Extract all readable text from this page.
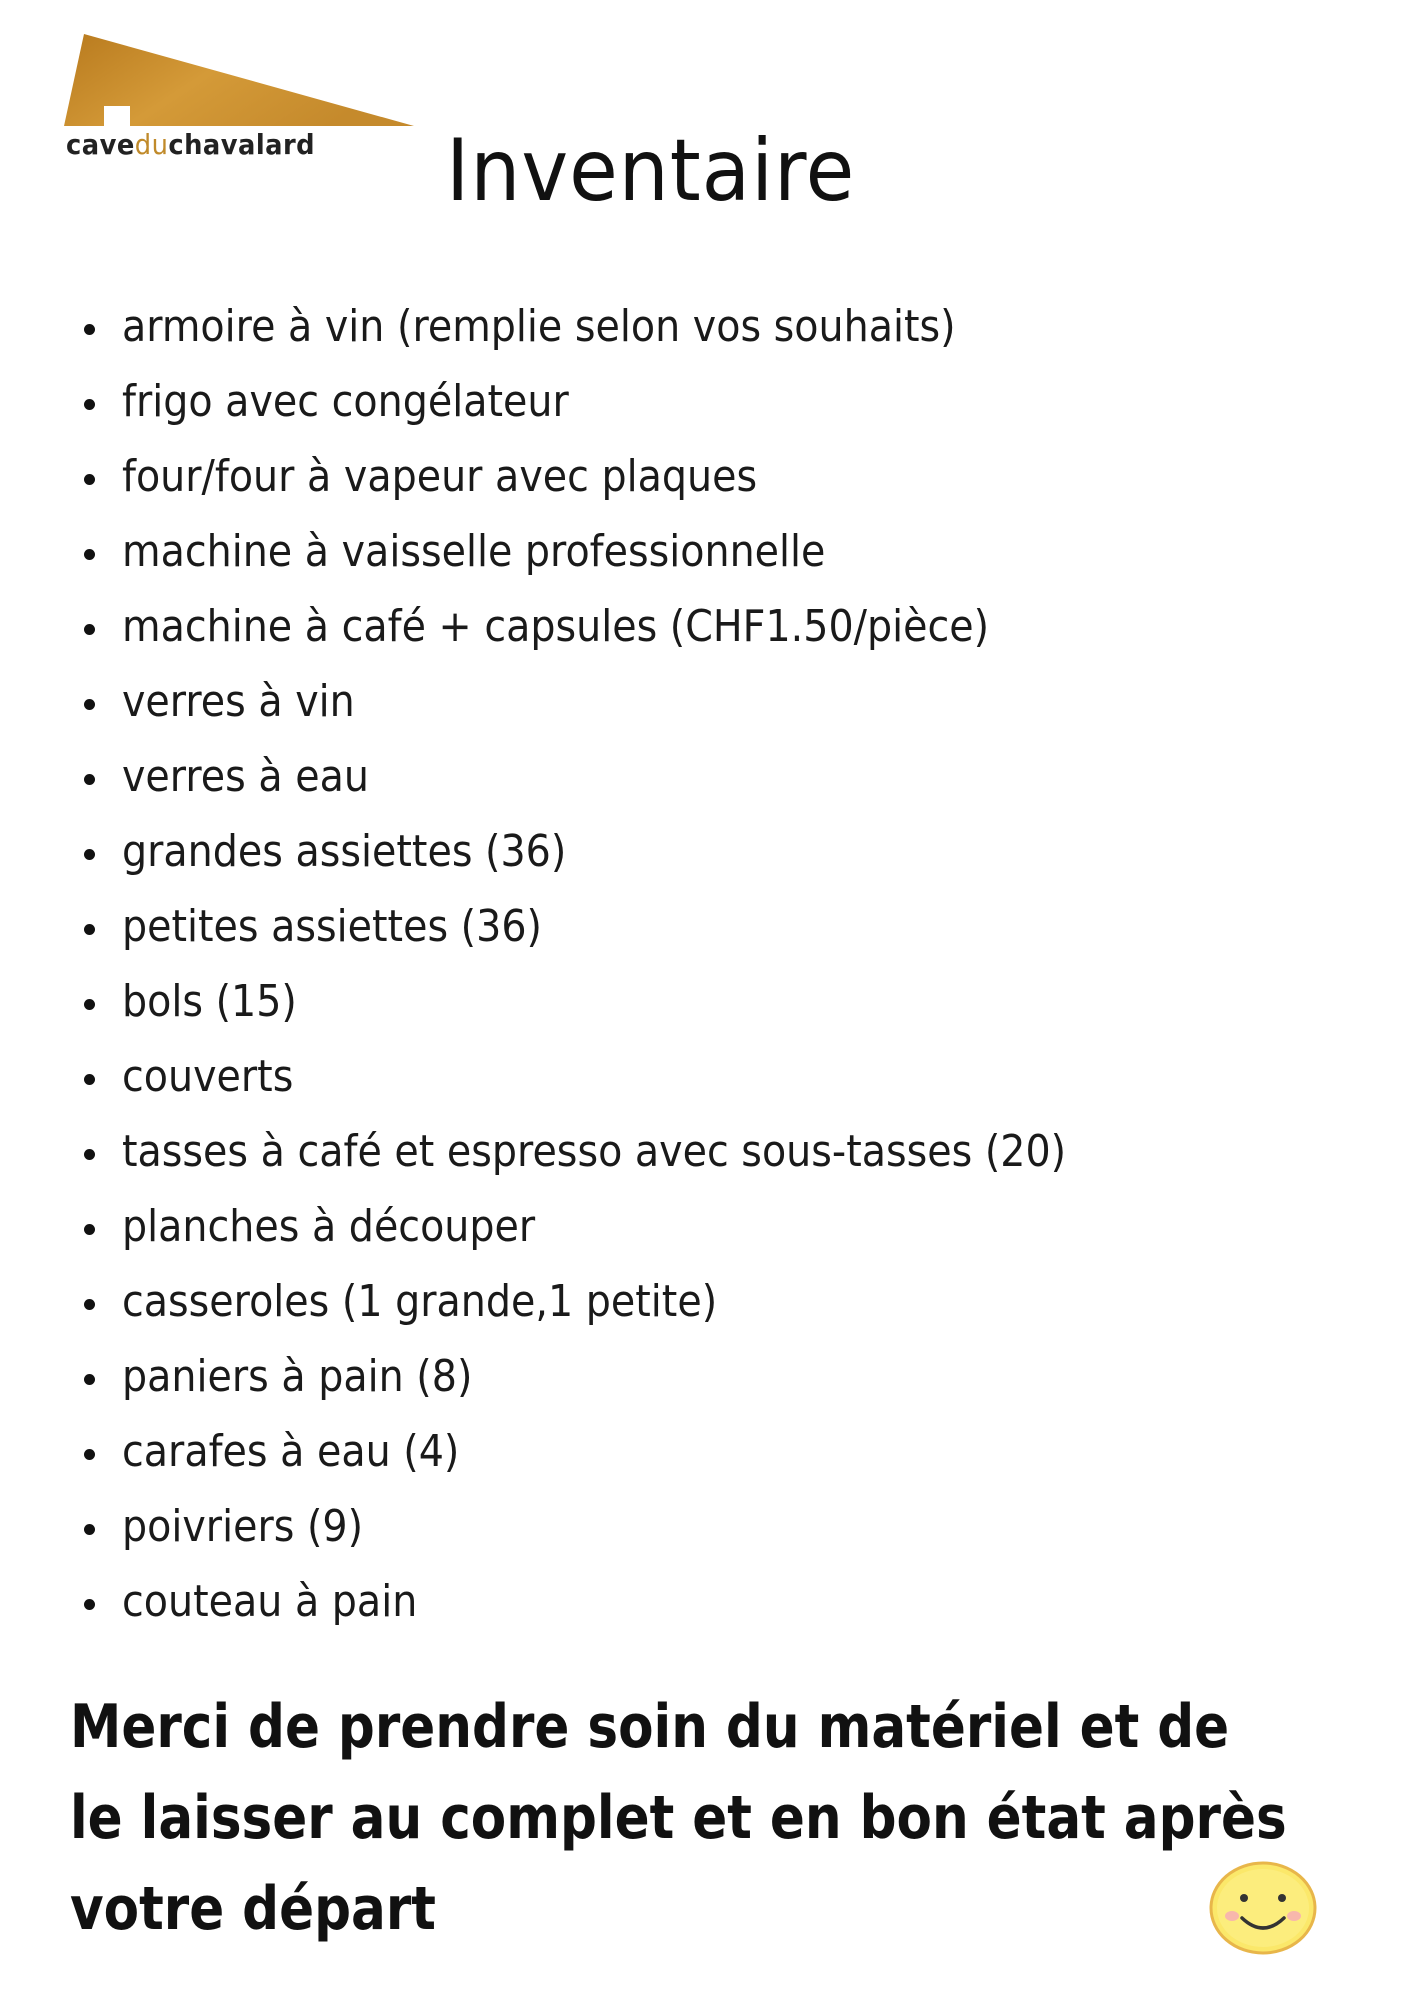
caveduchavalard Inventaire
armoire à vin (remplie selon vos souhaits)
frigo avec congélateur
four/four à vapeur avec plaques
machine à vaisselle professionnelle
machine à café + capsules (CHF1.50/pièce)
verres à vin
verres à eau
grandes assiettes (36)
petites assiettes (36)
bols (15)
couverts
tasses à café et espresso avec sous-tasses (20)
planches à découper
casseroles (1 grande,1 petite)
paniers à pain (8)
carafes à eau (4)
poivriers (9)
couteau à pain
Merci de prendre soin du matériel et de
le laisser au complet et en bon état après
votre départ
